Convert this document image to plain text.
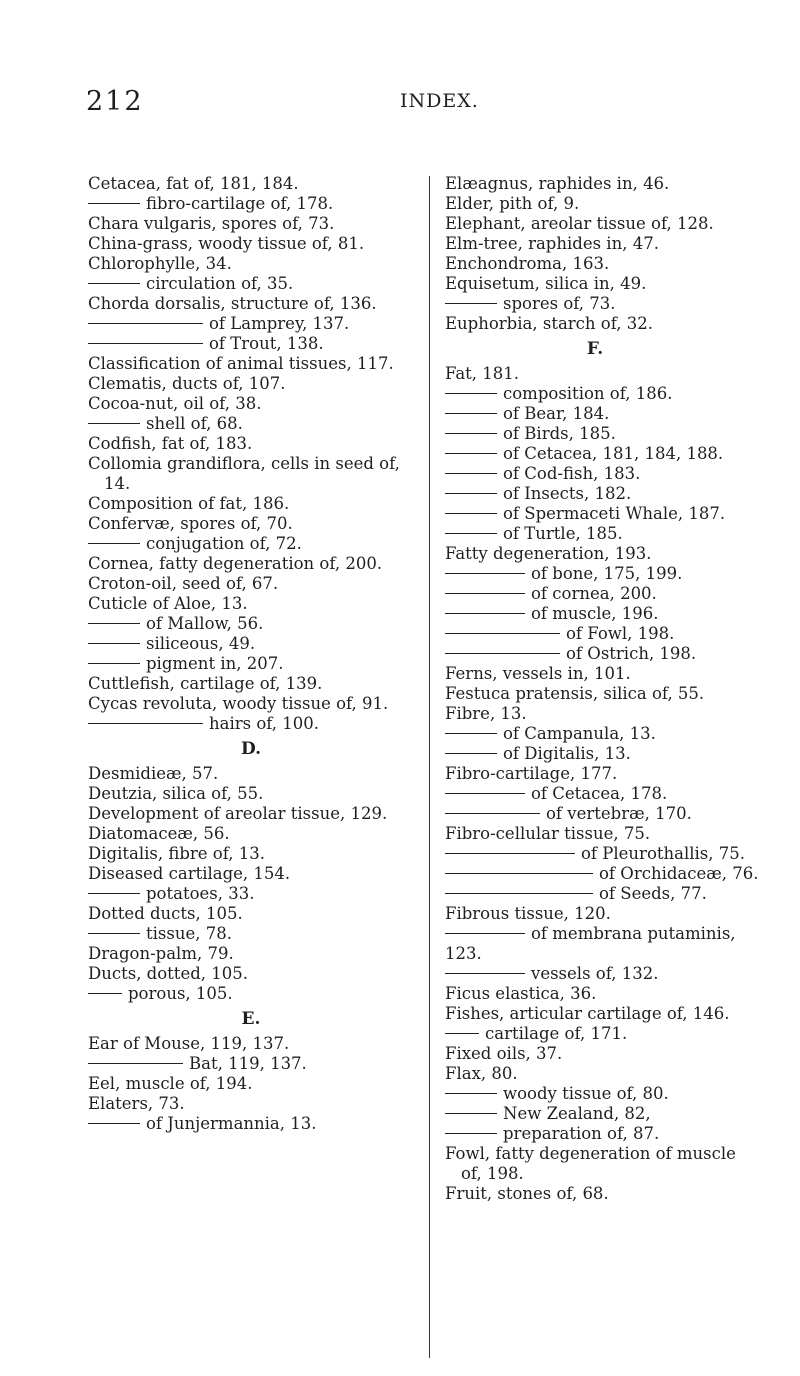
212	INDEX.
Cetacea, fat of, 181, 184.
fibro-cartilage of, 178.
Chara vulgaris, spores of, 73.
China-grass, woody tissue of, 81.
Chlorophylle, 34.
circulation of, 35.
Chorda dorsalis, structure of, 136.
of Lamprey, 137.
of Trout, 138.
Classification of animal tissues, 117.
Clematis, ducts of, 107.
Cocoa-nut, oil of, 38.
shell of, 68.
Codfish, fat of, 183.
Collomia grandiflora, cells in seed of, 14.
Composition of fat, 186.
Confervæ, spores of, 70.
conjugation of, 72.
Cornea, fatty degeneration of, 200.
Croton-oil, seed of, 67.
Cuticle of Aloe, 13.
of Mallow, 56.
siliceous, 49.
pigment in, 207.
Cuttlefish, cartilage of, 139.
Cycas revoluta, woody tissue of, 91.
hairs of, 100.
D.
Desmidieæ, 57.
Deutzia, silica of, 55.
Development of areolar tissue, 129.
Diatomaceæ, 56.
Digitalis, fibre of, 13.
Diseased cartilage, 154.
potatoes, 33.
Dotted ducts, 105.
tissue, 78.
Dragon-palm, 79.
Ducts, dotted, 105.
porous, 105.
E.
Ear of Mouse, 119, 137.
Bat, 119, 137.
Eel, muscle of, 194.
Elaters, 73.
of Junjermannia, 13.
Elæagnus, raphides in, 46.
Elder, pith of, 9.
Elephant, areolar tissue of, 128.
Elm-tree, raphides in, 47.
Enchondroma, 163.
Equisetum, silica in, 49.
spores of, 73.
Euphorbia, starch of, 32.
F.
Fat, 181.
composition of, 186.
of Bear, 184.
of Birds, 185.
of Cetacea, 181, 184, 188.
of Cod-fish, 183.
of Insects, 182.
of Spermaceti Whale, 187.
of Turtle, 185.
Fatty degeneration, 193.
of bone, 175, 199.
of cornea, 200.
of muscle, 196.
of Fowl, 198.
of Ostrich, 198.
Ferns, vessels in, 101.
Festuca pratensis, silica of, 55.
Fibre, 13.
of Campanula, 13.
of Digitalis, 13.
Fibro-cartilage, 177.
of Cetacea, 178.
of vertebræ, 170.
Fibro-cellular tissue, 75.
of Pleurothallis, 75.
of Orchidaceæ, 76.
of Seeds, 77.
Fibrous tissue, 120.
of membrana putaminis, 123.
vessels of, 132.
Ficus elastica, 36.
Fishes, articular cartilage of, 146.
cartilage of, 171.
Fixed oils, 37.
Flax, 80.
woody tissue of, 80.
New Zealand, 82,
preparation of, 87.
Fowl, fatty degeneration of muscle of, 198.
Fruit, stones of, 68.
